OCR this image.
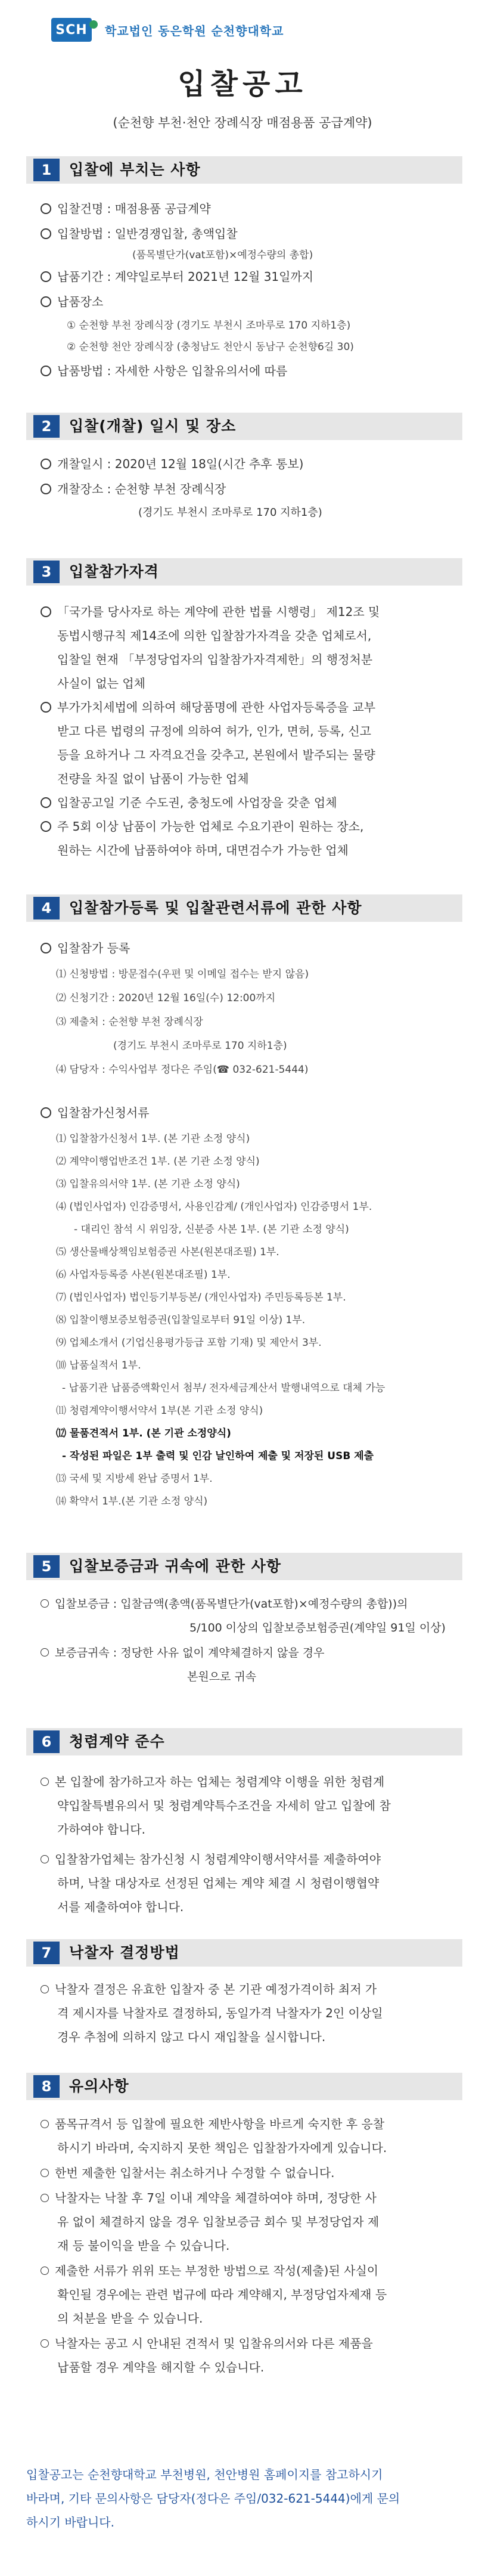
SCH	학교법인 동은학원 순천향대학교
입찰공고
(순천향 부천·천안 장례식장 매점용품 공급계약)
1	입찰에 부치는 사항
입찰건명 : 매점용품 공급계약
입찰방법 : 일반경쟁입찰, 총액입찰
(품목별단가(vat포함)×예정수량의 총합)
납품기간 : 계약일로부터 2021년 12월 31일까지
납품장소
① 순천향 부천 장례식장 (경기도 부천시 조마루로 170 지하1층)
② 순천향 천안 장례식장 (충청남도 천안시 동남구 순천향6길 30)
납품방법 : 자세한 사항은 입찰유의서에 따름
2	입찰(개찰) 일시 및 장소
개찰일시 : 2020년 12월 18일(시간 추후 통보)
개찰장소 : 순천향 부천 장례식장
(경기도 부천시 조마루로 170 지하1층)
3	입찰참가자격
「국가를 당사자로 하는 계약에 관한 법률 시행령」 제12조 및
동법시행규칙 제14조에 의한 입찰참가자격을 갖춘 업체로서,
입찰일 현재 「부정당업자의 입찰참가자격제한」의 행정처분
사실이 없는 업체
부가가치세법에 의하여 해당품명에 관한 사업자등록증을 교부
받고 다른 법령의 규정에 의하여 허가, 인가, 면허, 등록, 신고
등을 요하거나 그 자격요건을 갖추고, 본원에서 발주되는 물량
전량을 차질 없이 납품이 가능한 업체
입찰공고일 기준 수도권, 충청도에 사업장을 갖춘 업체
주 5회 이상 납품이 가능한 업체로 수요기관이 원하는 장소,
원하는 시간에 납품하여야 하며, 대면검수가 가능한 업체
4	입찰참가등록 및 입찰관련서류에 관한 사항
입찰참가 등록
⑴ 신청방법 : 방문접수(우편 및 이메일 접수는 받지 않음)
⑵ 신청기간 : 2020년 12월 16일(수) 12:00까지
⑶ 제출처 : 순천향 부천 장례식장
(경기도 부천시 조마루로 170 지하1층)
⑷ 담당자 : 수익사업부 정다은 주임(☎ 032-621-5444)
입찰참가신청서류
⑴ 입찰참가신청서 1부. (본 기관 소정 양식)
⑵ 계약이행업반조건 1부. (본 기관 소정 양식)
⑶ 입찰유의서약 1부. (본 기관 소정 양식)
⑷ (법인사업자) 인감증명서, 사용인감계/ (개인사업자) 인감증명서 1부.
- 대리인 참석 시 위임장, 신분증 사본 1부. (본 기관 소정 양식)
⑸ 생산물배상책임보험증권 사본(원본대조필) 1부.
⑹ 사업자등록증 사본(원본대조필) 1부.
⑺ (법인사업자) 법인등기부등본/ (개인사업자) 주민등록등본 1부.
⑻ 입찰이행보증보험증권(입찰일로부터 91일 이상) 1부.
⑼ 업체소개서 (기업신용평가등급 포함 기재) 및 제안서 3부.
⑽ 납품실적서 1부.
- 납품기관 납품증액확인서 첨부/ 전자세금계산서 발행내역으로 대체 가능
⑾ 청렴계약이행서약서 1부(본 기관 소정 양식)
⑿ 물품견적서 1부. (본 기관 소정양식)
- 작성된 파일은 1부 출력 및 인감 날인하여 제출 및 저장된 USB 제출
⒀ 국세 및 지방세 완납 증명서 1부.
⒁ 확약서 1부.(본 기관 소정 양식)
5	입찰보증금과 귀속에 관한 사항
입찰보증금 : 입찰금액(총액(품목별단가(vat포함)×예정수량의 총합))의
5/100 이상의 입찰보증보험증권(계약일 91일 이상)
보증금귀속 : 정당한 사유 없이 계약체결하지 않을 경우
본원으로 귀속
6	청렴계약 준수
본 입찰에 참가하고자 하는 업체는 청렴계약 이행을 위한 청렴계
약입찰특별유의서 및 청렴계약특수조건을 자세히 알고 입찰에 참
가하여야 합니다.
입찰참가업체는 참가신청 시 청렴계약이행서약서를 제출하여야
하며, 낙찰 대상자로 선정된 업체는 계약 체결 시 청렴이행협약
서를 제출하여야 합니다.
7	낙찰자 결정방법
낙찰자 결정은 유효한 입찰자 중 본 기관 예정가격이하 최저 가
격 제시자를 낙찰자로 결정하되, 동일가격 낙찰자가 2인 이상일
경우 추첨에 의하지 않고 다시 재입찰을 실시합니다.
8	유의사항
품목규격서 등 입찰에 필요한 제반사항을 바르게 숙지한 후 응찰
하시기 바라며, 숙지하지 못한 책임은 입찰참가자에게 있습니다.
한번 제출한 입찰서는 취소하거나 수정할 수 없습니다.
낙찰자는 낙찰 후 7일 이내 계약을 체결하여야 하며, 정당한 사
유 없이 체결하지 않을 경우 입찰보증금 회수 및 부정당업자 제
재 등 불이익을 받을 수 있습니다.
제출한 서류가 위위 또는 부정한 방법으로 작성(제출)된 사실이
확인될 경우에는 관련 법규에 따라 계약해지, 부정당업자제재 등
의 처분을 받을 수 있습니다.
낙찰자는 공고 시 안내된 견적서 및 입찰유의서와 다른 제품을
납품할 경우 계약을 해지할 수 있습니다.
입찰공고는 순천향대학교 부천병원, 천안병원 홈페이지를 참고하시기
바라며, 기타 문의사항은 담당자(정다은 주임/032-621-5444)에게 문의
하시기 바랍니다.
